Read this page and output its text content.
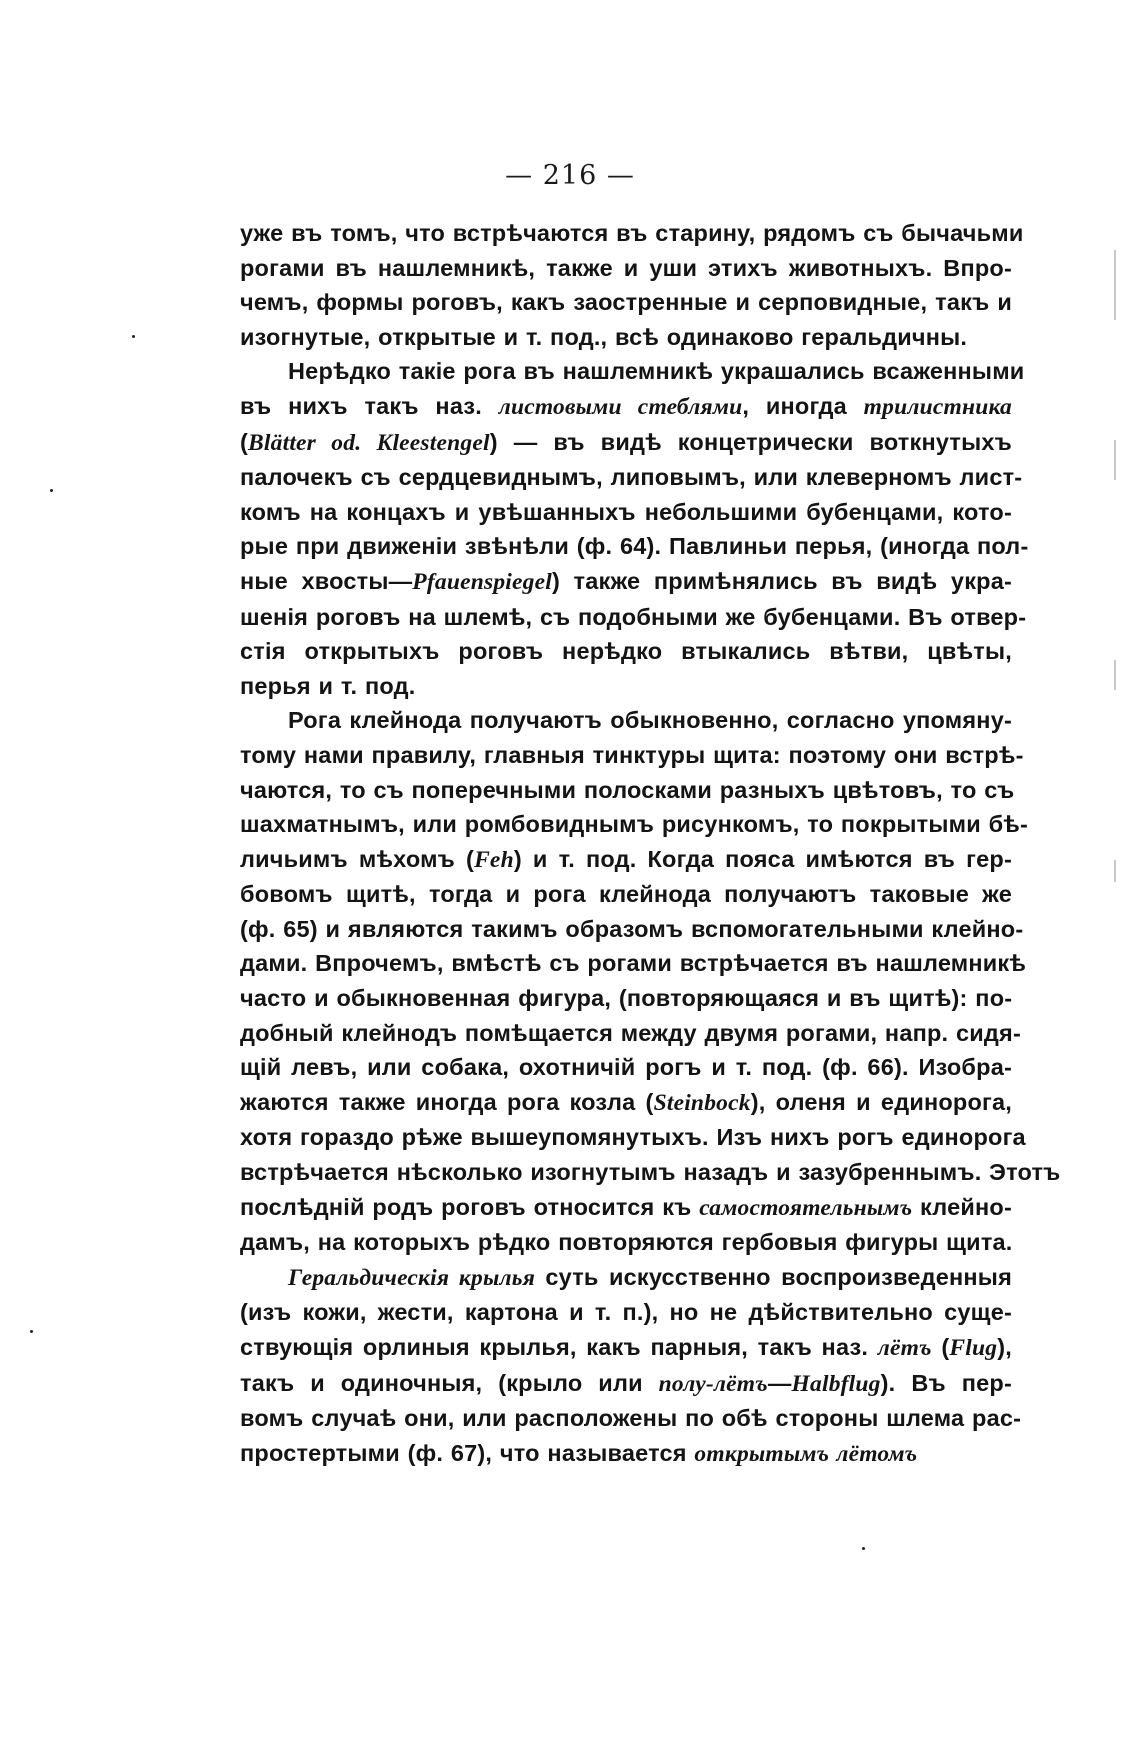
— 216 —
уже въ томъ, что встрѣчаются въ старину, рядомъ съ бычачьми
рогами въ нашлемникѣ, также и уши этихъ животныхъ. Впро-
чемъ, формы роговъ, какъ заостренные и серповидные, такъ и
изогнутые, открытые и т. под., всѣ одинаково геральдичны.
Нерѣдко такіе рога въ нашлемникѣ украшались всаженными
въ нихъ такъ наз. листовыми стеблями, иногда трилистника
(Blätter od. Kleestengel) — въ видѣ концетрически воткнутыхъ
палочекъ съ сердцевиднымъ, липовымъ, или клеверномъ лист-
комъ на концахъ и увѣшанныхъ небольшими бубенцами, кото-
рые при движеніи звѣнѣли (ф. 64). Павлиньи перья, (иногда пол-
ные хвосты—Pfauenspiegel) также примѣнялись въ видѣ укра-
шенія роговъ на шлемѣ, съ подобными же бубенцами. Въ отвер-
стія открытыхъ роговъ нерѣдко втыкались вѣтви, цвѣты,
перья и т. под.
Рога клейнода получаютъ обыкновенно, согласно упомяну-
тому нами правилу, главныя тинктуры щита: поэтому они встрѣ-
чаются, то съ поперечными полосками разныхъ цвѣтовъ, то съ
шахматнымъ, или ромбовиднымъ рисункомъ, то покрытыми бѣ-
личьимъ мѣхомъ (Feh) и т. под. Когда пояса имѣются въ гер-
бовомъ щитѣ, тогда и рога клейнода получаютъ таковые же
(ф. 65) и являются такимъ образомъ вспомогательными клейно-
дами. Впрочемъ, вмѣстѣ съ рогами встрѣчается въ нашлемникѣ
часто и обыкновенная фигура, (повторяющаяся и въ щитѣ): по-
добный клейнодъ помѣщается между двумя рогами, напр. сидя-
щій левъ, или собака, охотничій рогъ и т. под. (ф. 66). Изобра-
жаются также иногда рога козла (Steinbock), оленя и единорога,
хотя гораздо рѣже вышеупомянутыхъ. Изъ нихъ рогъ единорога
встрѣчается нѣсколько изогнутымъ назадъ и зазубреннымъ. Этотъ
послѣдній родъ роговъ относится къ самостоятельнымъ клейно-
дамъ, на которыхъ рѣдко повторяются гербовыя фигуры щита.
Геральдическія крылья суть искусственно воспроизведенныя
(изъ кожи, жести, картона и т. п.), но не дѣйствительно суще-
ствующія орлиныя крылья, какъ парныя, такъ наз. лётъ (Flug),
такъ и одиночныя, (крыло или полу-лётъ—Halbflug). Въ пер-
вомъ случаѣ они, или расположены по обѣ стороны шлема рас-
простертыми (ф. 67), что называется открытымъ лётомъ
